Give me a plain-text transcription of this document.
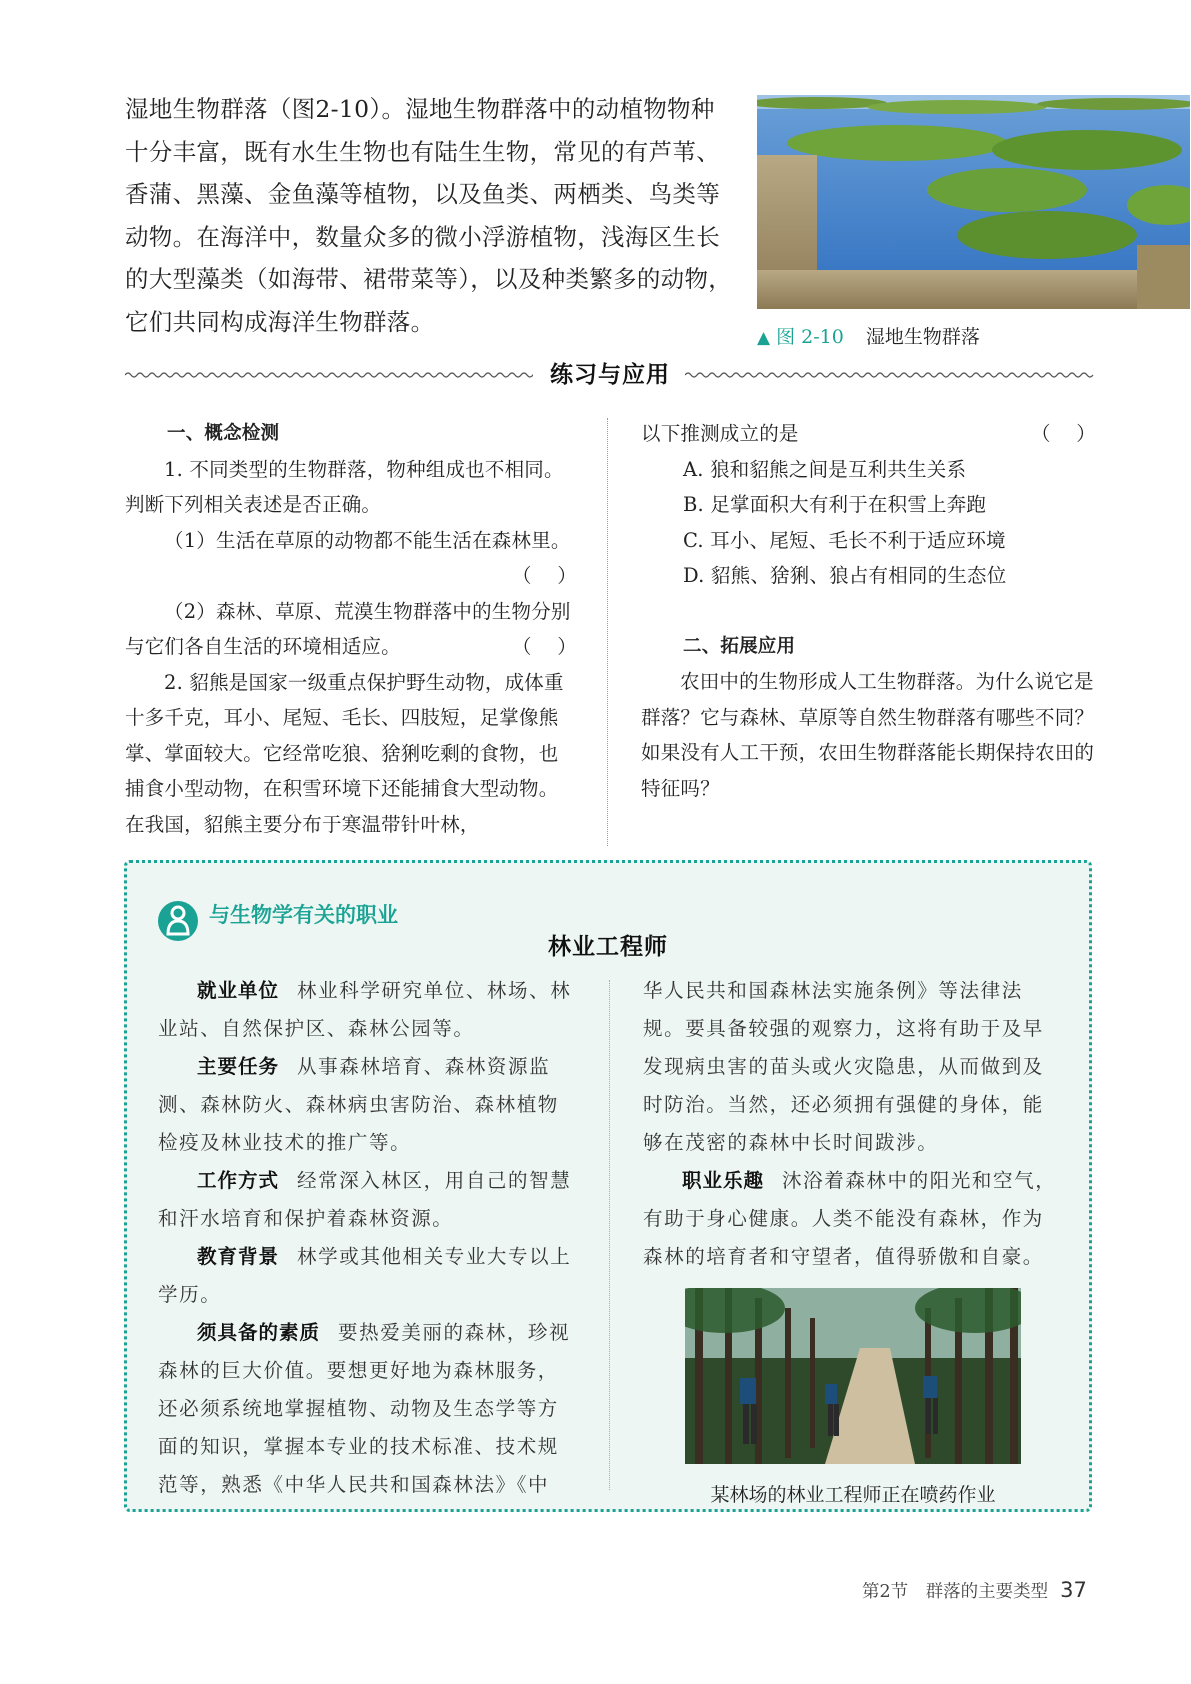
湿地生物群落（图2-10）。湿地生物群落中的动植物物种
十分丰富，既有水生生物也有陆生生物，常见的有芦苇、
香蒲、黑藻、金鱼藻等植物，以及鱼类、两栖类、鸟类等
动物。在海洋中，数量众多的微小浮游植物，浅海区生长
的大型藻类（如海带、裙带菜等），以及种类繁多的动物，
它们共同构成海洋生物群落。
▲ 图 2-10 湿地生物群落
练习与应用

一、概念检测

1. 不同类型的生物群落，物种组成也不相同。判断下列相关表述是否正确。

（1）生活在草原的动物都不能生活在森林里。

（    ）

（2）森林、草原、荒漠生物群落中的生物分别与它们各自生活的环境相适应。	（    ）

2. 貂熊是国家一级重点保护野生动物，成体重十多千克，耳小、尾短、毛长、四肢短，足掌像熊掌、掌面较大。它经常吃狼、猞猁吃剩的食物，也捕食小型动物，在积雪环境下还能捕食大型动物。在我国，貂熊主要分布于寒温带针叶林，

以下推测成立的是	（    ）

A. 狼和貂熊之间是互利共生关系

B. 足掌面积大有利于在积雪上奔跑

C. 耳小、尾短、毛长不利于适应环境

D. 貂熊、猞猁、狼占有相同的生态位

二、拓展应用

农田中的生物形成人工生物群落。为什么说它是群落？它与森林、草原等自然生物群落有哪些不同？如果没有人工干预，农田生物群落能长期保持农田的特征吗？

与生物学有关的职业
林业工程师

就业单位 林业科学研究单位、林场、林业站、自然保护区、森林公园等。

主要任务 从事森林培育、森林资源监测、森林防火、森林病虫害防治、森林植物检疫及林业技术的推广等。

工作方式 经常深入林区，用自己的智慧和汗水培育和保护着森林资源。

教育背景 林学或其他相关专业大专以上学历。

须具备的素质 要热爱美丽的森林，珍视森林的巨大价值。要想更好地为森林服务，还必须系统地掌握植物、动物及生态学等方面的知识，掌握本专业的技术标准、技术规范等，熟悉《中华人民共和国森林法》《中

华人民共和国森林法实施条例》等法律法规。要具备较强的观察力，这将有助于及早发现病虫害的苗头或火灾隐患，从而做到及时防治。当然，还必须拥有强健的身体，能够在茂密的森林中长时间跋涉。

职业乐趣 沐浴着森林中的阳光和空气，有助于身心健康。人类不能没有森林，作为森林的培育者和守望者，值得骄傲和自豪。

某林场的林业工程师正在喷药作业
第2节　群落的主要类型 37
